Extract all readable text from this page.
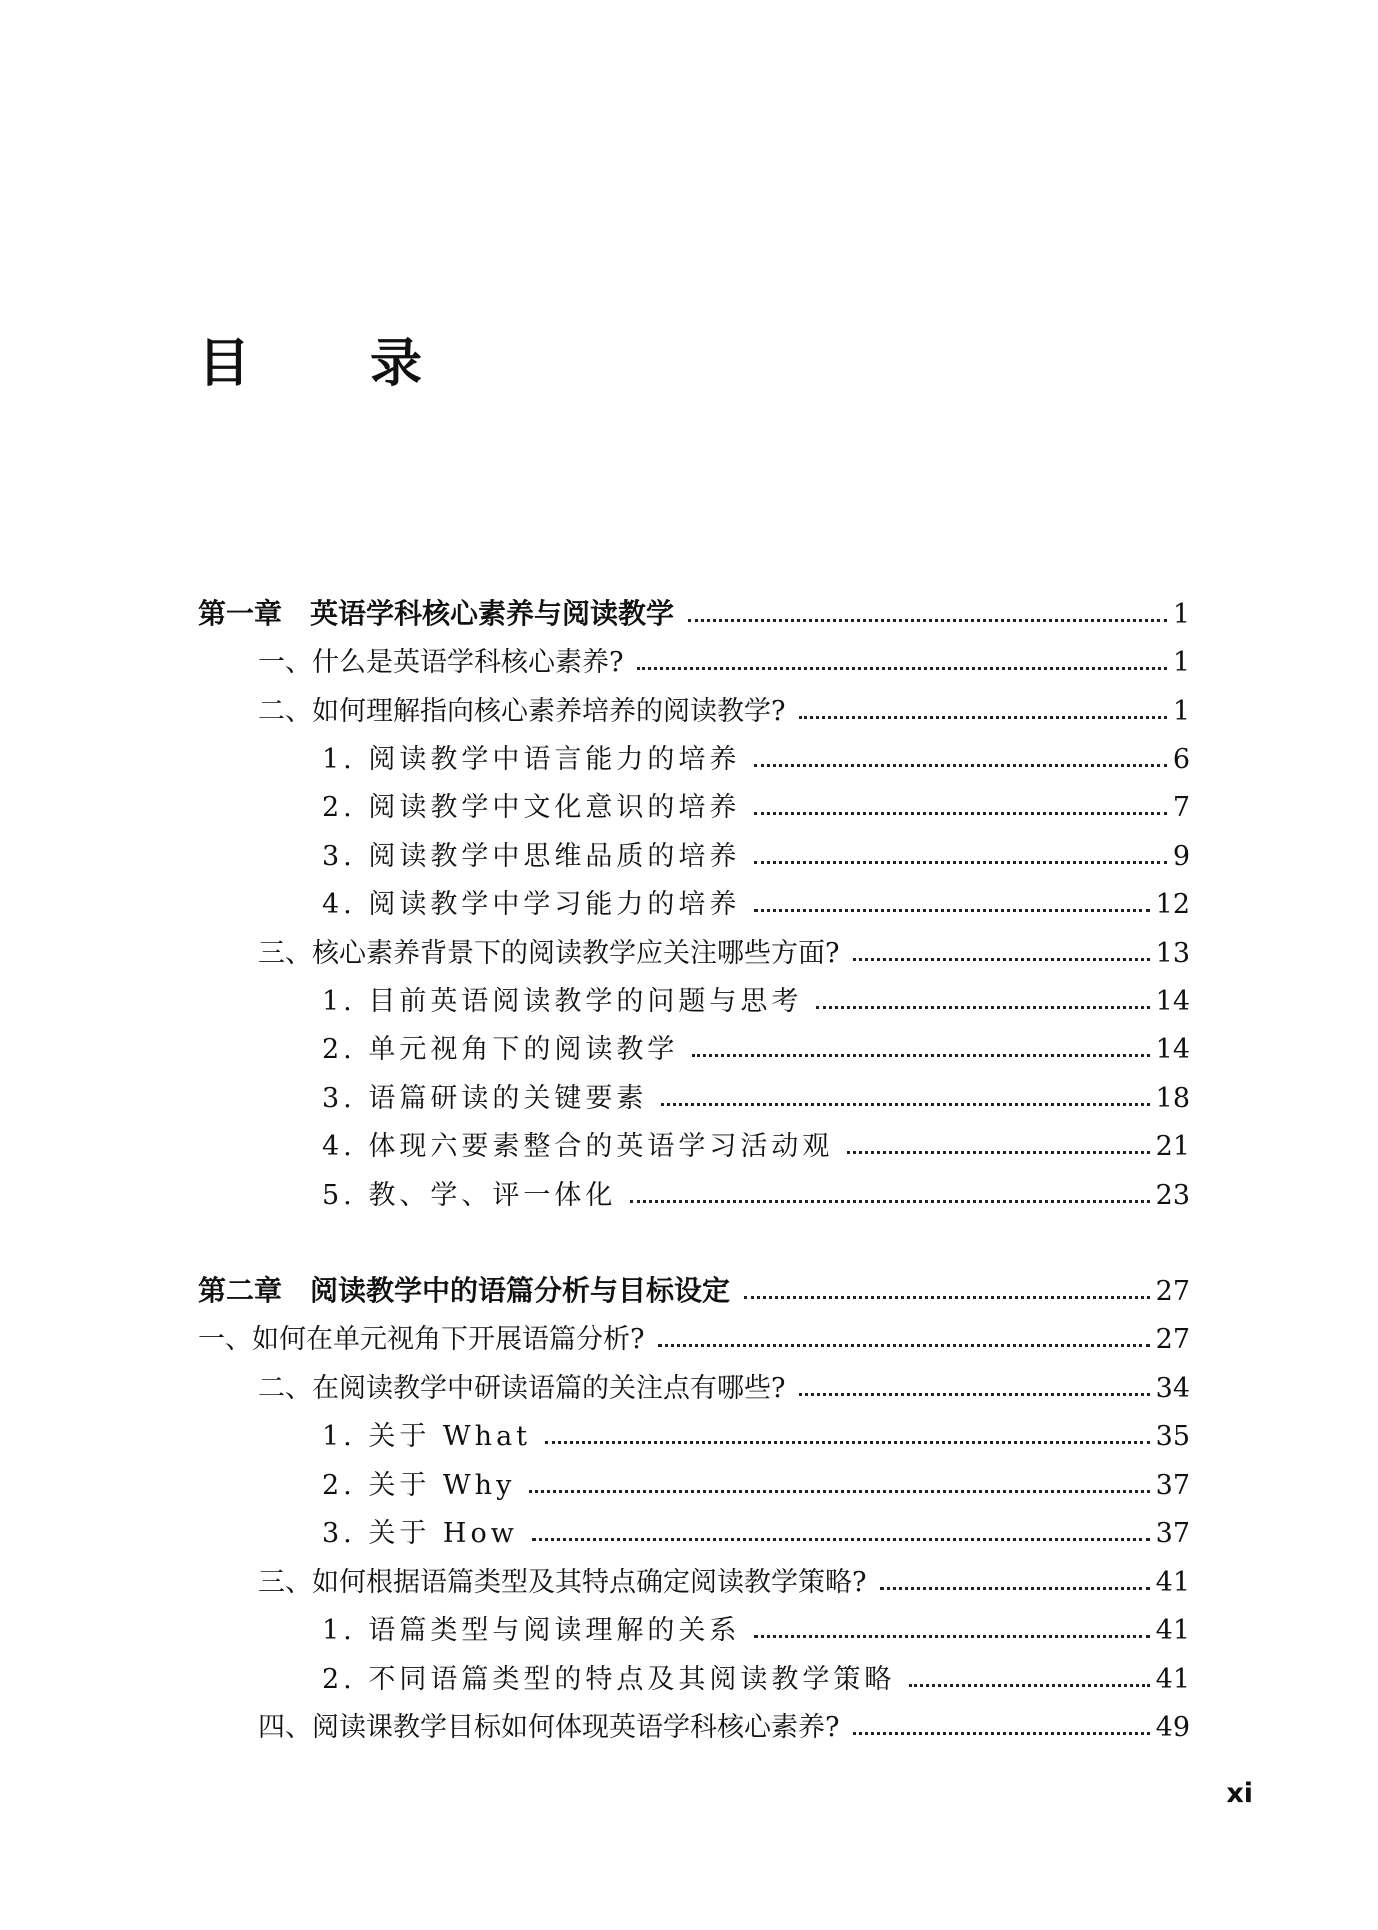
目　录
第一章　英语学科核心素养与阅读教学	1
一、什么是英语学科核心素养?	1
二、如何理解指向核心素养培养的阅读教学?	1
1. 阅读教学中语言能力的培养	6
2. 阅读教学中文化意识的培养	7
3. 阅读教学中思维品质的培养	9
4. 阅读教学中学习能力的培养	12
三、核心素养背景下的阅读教学应关注哪些方面?	13
1. 目前英语阅读教学的问题与思考	14
2. 单元视角下的阅读教学	14
3. 语篇研读的关键要素	18
4. 体现六要素整合的英语学习活动观	21
5. 教、学、评一体化	23
第二章　阅读教学中的语篇分析与目标设定	27
一、如何在单元视角下开展语篇分析?	27
二、在阅读教学中研读语篇的关注点有哪些?	34
1. 关于 What	35
2. 关于 Why	37
3. 关于 How	37
三、如何根据语篇类型及其特点确定阅读教学策略?	41
1. 语篇类型与阅读理解的关系	41
2. 不同语篇类型的特点及其阅读教学策略	41
四、阅读课教学目标如何体现英语学科核心素养?	49
xi
